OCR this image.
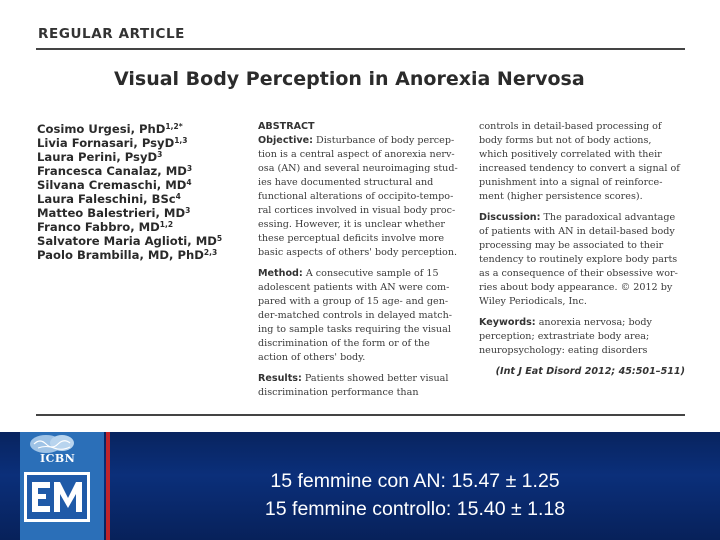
REGULAR ARTICLE
Visual Body Perception in Anorexia Nervosa
Cosimo Urgesi, PhD$^{1,2*}$
Livia Fornasari, PsyD$^{1,3}$
Laura Perini, PsyD$^3$
Francesca Canalaz, $MD^3$
Silvana Cremaschi, $MD^4$
Laura Faleschini, BSc$^4$
Matteo Balestrieri, $MD^3$
Franco Fabbro, MD$^{1,2}$
Salvatore Maria Aglioti, $MD^5$
Paolo Brambilla, MD, PhD$^{2,3}$
ABSTRACT
Objective: Disturbance of body percep-
tion is a central aspect of anorexia nerv-
osa (AN) and several neuroimaging stud-
ies have documented structural and
functional alterations of occipito-tempo-
ral cortices involved in visual body proc-
essing. However, it is unclear whether
these perceptual deficits involve more
basic aspects of others' body perception.
Method: A consecutive sample of 15
adolescent patients with AN were com-
pared with a group of 15 age- and gen-
der-matched controls in delayed match-
ing to sample tasks requiring the visual
discrimination of the form or of the
action of others' body.
Results: Patients showed better visual
discrimination performance than
controls in detail-based processing of
body forms but not of body actions,
which positively correlated with their
increased tendency to convert a signal of
punishment into a signal of reinforce-
ment (higher persistence scores).
Discussion: The paradoxical advantage
of patients with AN in detail-based body
processing may be associated to their
tendency to routinely explore body parts
as a consequence of their obsessive wor-
ries about body appearance. © 2012 by
Wiley Periodicals, Inc.
Keywords: anorexia nervosa; body
perception; extrastriate body area;
neuropsychology: eating disorders
(Int J Eat Disord 2012; 45:501–511)
ICBN
15 femmine con AN: 15.47 ± 1.25
15 femmine controllo: 15.40 ± 1.18
